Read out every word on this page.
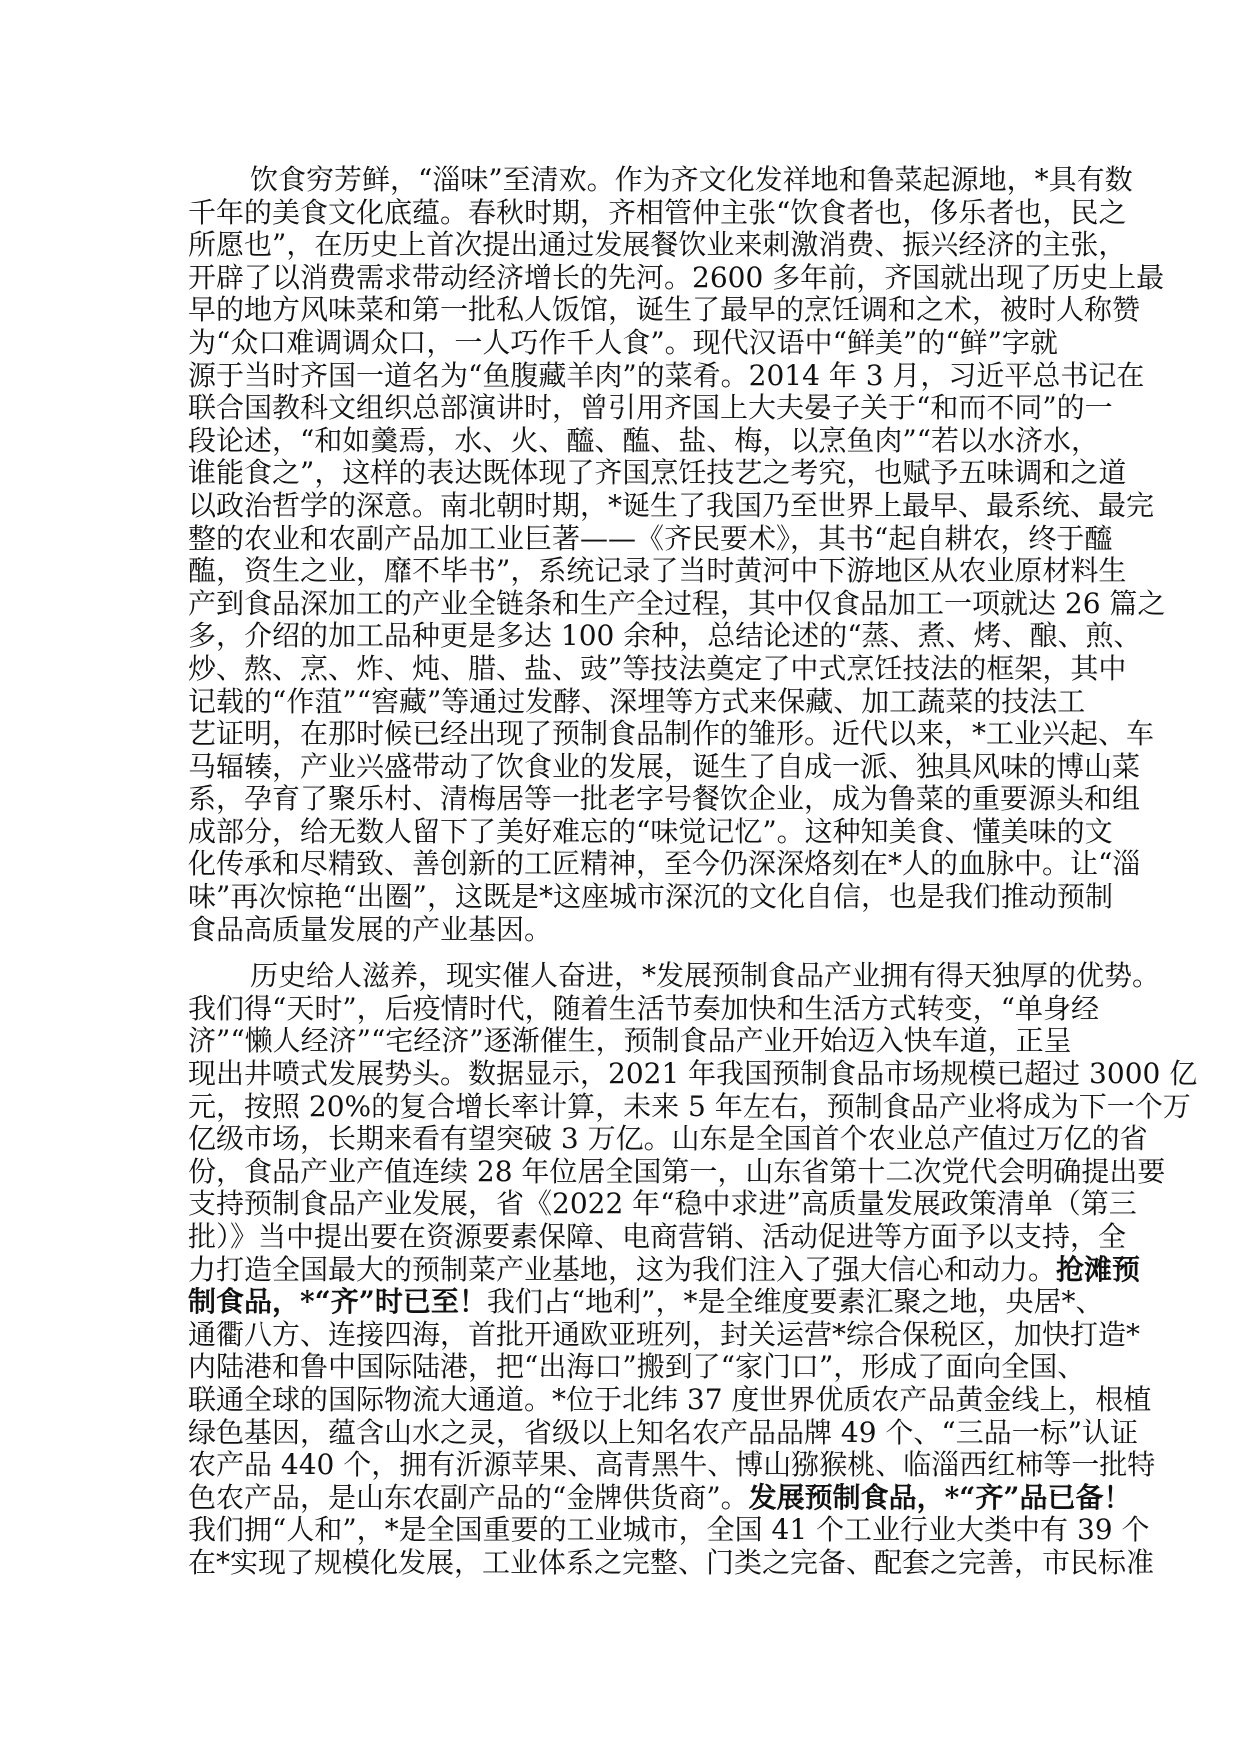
饮食穷芳鲜，“淄味”至清欢。作为齐文化发祥地和鲁菜起源地，*具有数
千年的美食文化底蕴。春秋时期，齐相管仲主张“饮食者也，侈乐者也，民之
所愿也”，在历史上首次提出通过发展餐饮业来刺激消费、振兴经济的主张，
开辟了以消费需求带动经济增长的先河。2600 多年前，齐国就出现了历史上最
早的地方风味菜和第一批私人饭馆，诞生了最早的烹饪调和之术，被时人称赞
为“众口难调调众口，一人巧作千人食”。现代汉语中“鲜美”的“鲜”字就
源于当时齐国一道名为“鱼腹藏羊肉”的菜肴。2014 年 3 月，习近平总书记在
联合国教科文组织总部演讲时，曾引用齐国上大夫晏子关于“和而不同”的一
段论述，“和如羹焉，水、火、醯、醢、盐、梅，以烹鱼肉”“若以水济水，
谁能食之”，这样的表达既体现了齐国烹饪技艺之考究，也赋予五味调和之道
以政治哲学的深意。南北朝时期，*诞生了我国乃至世界上最早、最系统、最完
整的农业和农副产品加工业巨著——《齐民要术》，其书“起自耕农，终于醯
醢，资生之业，靡不毕书”，系统记录了当时黄河中下游地区从农业原材料生
产到食品深加工的产业全链条和生产全过程，其中仅食品加工一项就达 26 篇之
多，介绍的加工品种更是多达 100 余种，总结论述的“蒸、煮、烤、酿、煎、
炒、熬、烹、炸、炖、腊、盐、豉”等技法奠定了中式烹饪技法的框架，其中
记载的“作菹”“窖藏”等通过发酵、深埋等方式来保藏、加工蔬菜的技法工
艺证明，在那时候已经出现了预制食品制作的雏形。近代以来，*工业兴起、车
马辐辏，产业兴盛带动了饮食业的发展，诞生了自成一派、独具风味的博山菜
系，孕育了聚乐村、清梅居等一批老字号餐饮企业，成为鲁菜的重要源头和组
成部分，给无数人留下了美好难忘的“味觉记忆”。这种知美食、懂美味的文
化传承和尽精致、善创新的工匠精神，至今仍深深烙刻在*人的血脉中。让“淄
味”再次惊艳“出圈”，这既是*这座城市深沉的文化自信，也是我们推动预制
食品高质量发展的产业基因。
历史给人滋养，现实催人奋进，*发展预制食品产业拥有得天独厚的优势。
我们得“天时”，后疫情时代，随着生活节奏加快和生活方式转变，“单身经
济”“懒人经济”“宅经济”逐渐催生，预制食品产业开始迈入快车道，正呈
现出井喷式发展势头。数据显示，2021 年我国预制食品市场规模已超过 3000 亿
元，按照 20%的复合增长率计算，未来 5 年左右，预制食品产业将成为下一个万
亿级市场，长期来看有望突破 3 万亿。山东是全国首个农业总产值过万亿的省
份，食品产业产值连续 28 年位居全国第一，山东省第十二次党代会明确提出要
支持预制食品产业发展，省《2022 年“稳中求进”高质量发展政策清单（第三
批）》当中提出要在资源要素保障、电商营销、活动促进等方面予以支持，全
力打造全国最大的预制菜产业基地，这为我们注入了强大信心和动力。抢滩预
制食品，*“齐”时已至！我们占“地利”，*是全维度要素汇聚之地，央居*、
通衢八方、连接四海，首批开通欧亚班列，封关运营*综合保税区，加快打造*
内陆港和鲁中国际陆港，把“出海口”搬到了“家门口”，形成了面向全国、
联通全球的国际物流大通道。*位于北纬 37 度世界优质农产品黄金线上，根植
绿色基因，蕴含山水之灵，省级以上知名农产品品牌 49 个、“三品一标”认证
农产品 440 个，拥有沂源苹果、高青黑牛、博山猕猴桃、临淄西红柿等一批特
色农产品，是山东农副产品的“金牌供货商”。发展预制食品，*“齐”品已备！
我们拥“人和”，*是全国重要的工业城市，全国 41 个工业行业大类中有 39 个
在*实现了规模化发展，工业体系之完整、门类之完备、配套之完善，市民标准
